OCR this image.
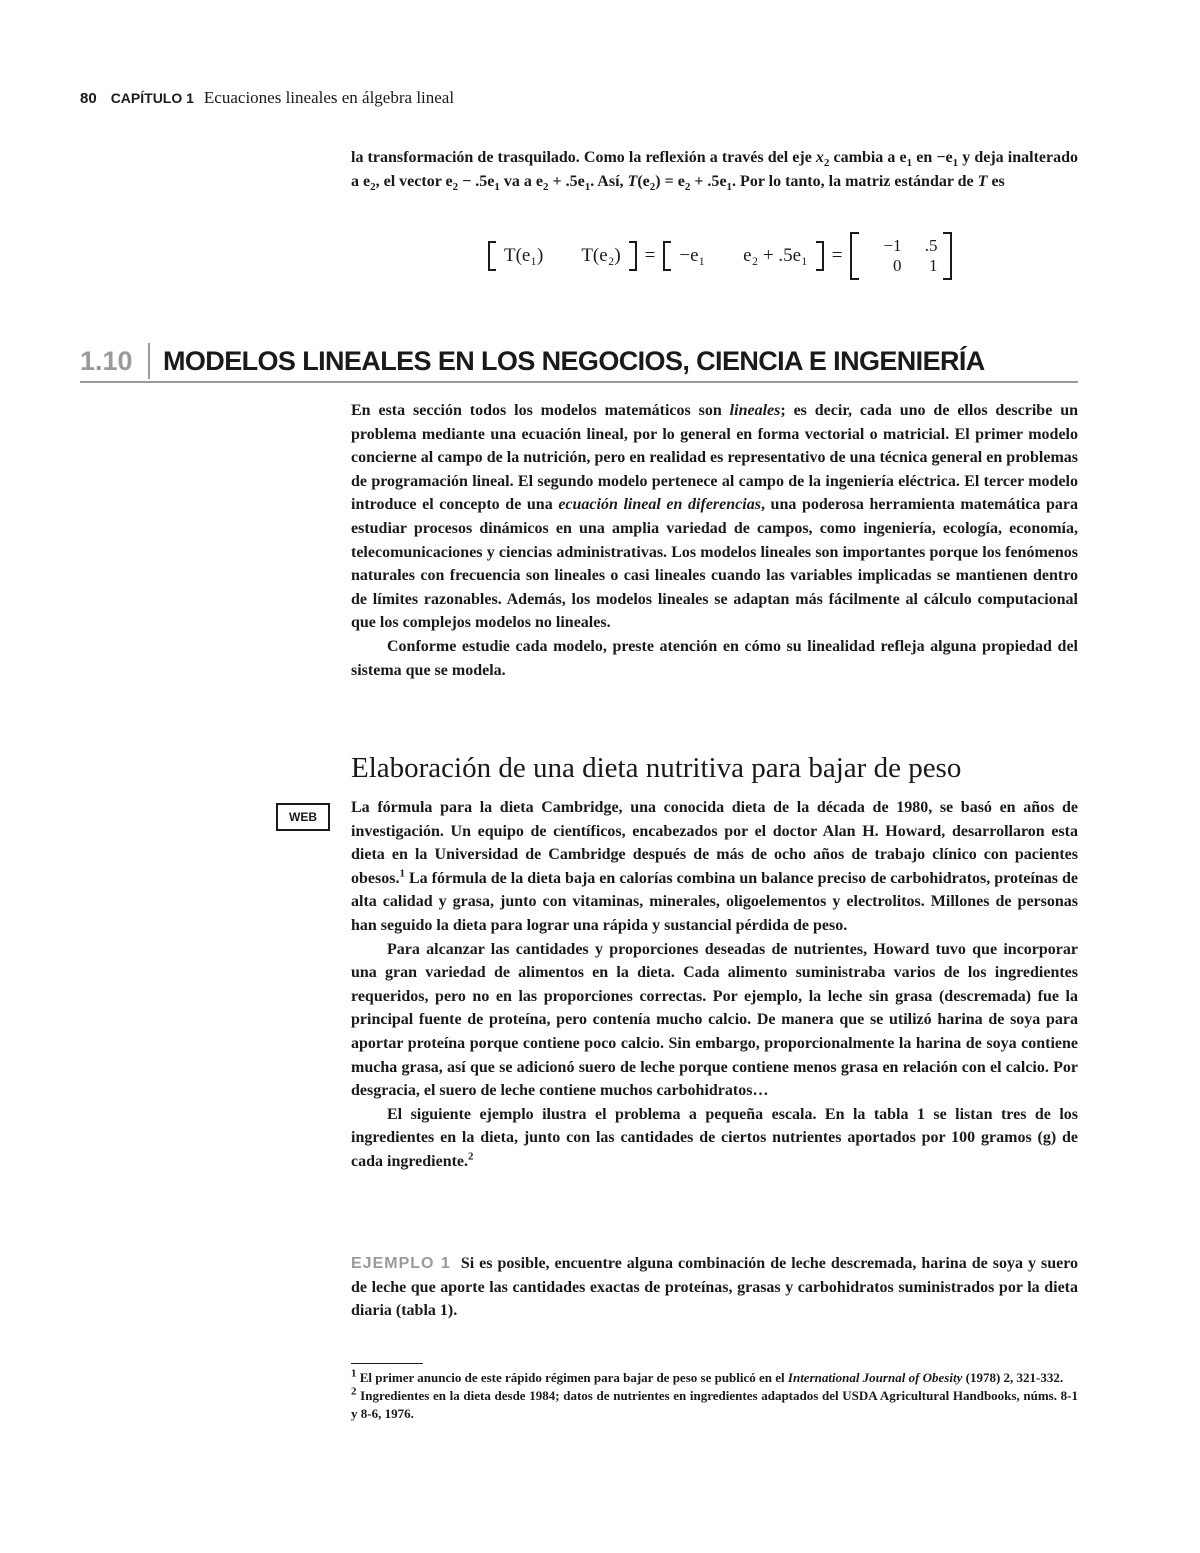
80 CAPÍTULO 1 Ecuaciones lineales en álgebra lineal

la transformación de trasquilado. Como la reflexión a través del eje $x_2$ cambia a $e_1$ en $-e_1$ y deja inalterado a $e_2$, el vector $e_2 - .5e_1$ va a $e_2 + .5e_1$. Así, $T(e_2) = e_2 + .5e_1$. Por lo tanto, la matriz estándar de T es

T(e₁) T(e₂) = −e₁ e₂ + .5e₁ =	−1	.5
0	1
1.10	MODELOS LINEALES EN LOS NEGOCIOS, CIENCIA E INGENIERÍA

En esta sección todos los modelos matemáticos son lineales; es decir, cada uno de ellos describe un problema mediante una ecuación lineal, por lo general en forma vectorial o matricial. El primer modelo concierne al campo de la nutrición, pero en realidad es representativo de una técnica general en problemas de programación lineal. El segundo modelo pertenece al campo de la ingeniería eléctrica. El tercer modelo introduce el concepto de una ecuación lineal en diferencias, una poderosa herramienta matemática para estudiar procesos dinámicos en una amplia variedad de campos, como ingeniería, ecología, economía, telecomunicaciones y ciencias administrativas. Los modelos lineales son importantes porque los fenómenos naturales con frecuencia son lineales o casi lineales cuando las variables implicadas se mantienen dentro de límites razonables. Además, los modelos lineales se adaptan más fácilmente al cálculo computacional que los complejos modelos no lineales.

Conforme estudie cada modelo, preste atención en cómo su linealidad refleja alguna propiedad del sistema que se modela.

Elaboración de una dieta nutritiva para bajar de peso
WEB

La fórmula para la dieta Cambridge, una conocida dieta de la década de 1980, se basó en años de investigación. Un equipo de científicos, encabezados por el doctor Alan H. Howard, desarrollaron esta dieta en la Universidad de Cambridge después de más de ocho años de trabajo clínico con pacientes obesos.$^1$ La fórmula de la dieta baja en calorías combina un balance preciso de carbohidratos, proteínas de alta calidad y grasa, junto con vitaminas, minerales, oligoelementos y electrolitos. Millones de personas han seguido la dieta para lograr una rápida y sustancial pérdida de peso.

Para alcanzar las cantidades y proporciones deseadas de nutrientes, Howard tuvo que incorporar una gran variedad de alimentos en la dieta. Cada alimento suministraba varios de los ingredientes requeridos, pero no en las proporciones correctas. Por ejemplo, la leche sin grasa (descremada) fue la principal fuente de proteína, pero contenía mucho calcio. De manera que se utilizó harina de soya para aportar proteína porque contiene poco calcio. Sin embargo, proporcionalmente la harina de soya contiene mucha grasa, así que se adicionó suero de leche porque contiene menos grasa en relación con el calcio. Por desgracia, el suero de leche contiene muchos carbohidratos…

El siguiente ejemplo ilustra el problema a pequeña escala. En la tabla 1 se listan tres de los ingredientes en la dieta, junto con las cantidades de ciertos nutrientes aportados por 100 gramos (g) de cada ingrediente.$^2$

EJEMPLO 1 Si es posible, encuentre alguna combinación de leche descremada, harina de soya y suero de leche que aporte las cantidades exactas de proteínas, grasas y carbohidratos suministrados por la dieta diaria (tabla 1).

$^1$ El primer anuncio de este rápido régimen para bajar de peso se publicó en el International Journal of Obesity (1978) 2, 321-332.

$^2$ Ingredientes en la dieta desde 1984; datos de nutrientes en ingredientes adaptados del USDA Agricultural Handbooks, núms. 8-1 y 8-6, 1976.
